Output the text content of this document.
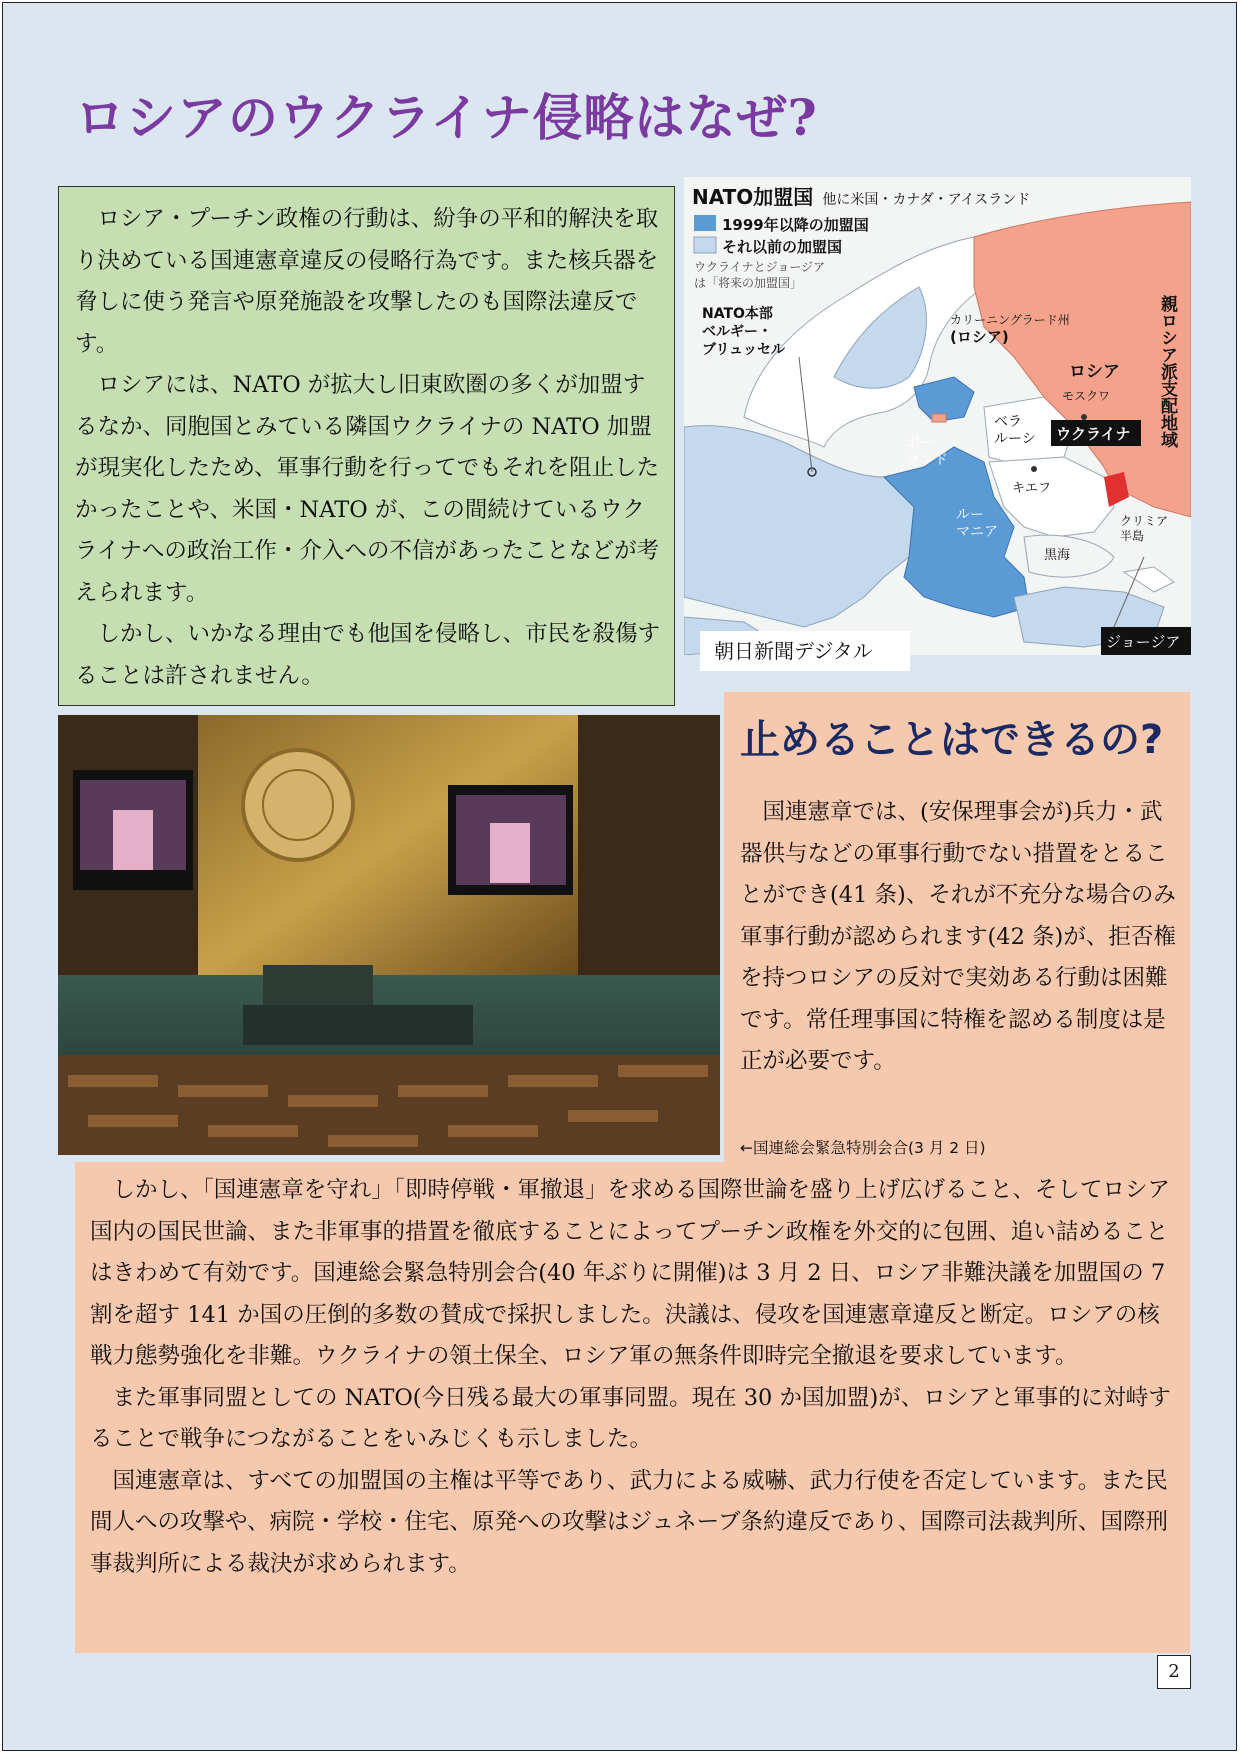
ロシアのウクライナ侵略はなぜ?

ロシア・プーチン政権の行動は、紛争の平和的解決を取り決めている国連憲章違反の侵略行為です。また核兵器を脅しに使う発言や原発施設を攻撃したのも国際法違反です。

ロシアには、NATO が拡大し旧東欧圏の多くが加盟するなか、同胞国とみている隣国ウクライナの NATO 加盟が現実化したため、軍事行動を行ってでもそれを阻止したかったことや、米国・NATO が、この間続けているウクライナへの政治工作・介入への不信があったことなどが考えられます。

しかし、いかなる理由でも他国を侵略し、市民を殺傷することは許されません。

NATO加盟国 他に米国・カナダ・アイスランド
1999年以降の加盟国
それ以前の加盟国
ウクライナとジョージア
は「将来の加盟国」
NATO本部
ベルギー・
ブリュッセル
カリーニングラード州
(ロシア)
ロシア
モスクワ
ベラ
ルーシ ウクライナ
キエフ
ポー
ランド
ルー
マニア
黒海
クリミア
半島
ジョージア
親ロシア派支配地域
朝日新聞デジタル
止めることはできるの?

国連憲章では、(安保理事会が)兵力・武器供与などの軍事行動でない措置をとることができ(41 条)、それが不充分な場合のみ軍事行動が認められます(42 条)が、拒否権を持つロシアの反対で実効ある行動は困難です。常任理事国に特権を認める制度は是正が必要です。

←国連総会緊急特別会合(3 月 2 日)

しかし、「国連憲章を守れ」「即時停戦・軍撤退」を求める国際世論を盛り上げ広げること、そしてロシア国内の国民世論、また非軍事的措置を徹底することによってプーチン政権を外交的に包囲、追い詰めることはきわめて有効です。国連総会緊急特別会合(40 年ぶりに開催)は 3 月 2 日、ロシア非難決議を加盟国の 7 割を超す 141 か国の圧倒的多数の賛成で採択しました。決議は、侵攻を国連憲章違反と断定。ロシアの核戦力態勢強化を非難。ウクライナの領土保全、ロシア軍の無条件即時完全撤退を要求しています。

また軍事同盟としての NATO(今日残る最大の軍事同盟。現在 30 か国加盟)が、ロシアと軍事的に対峙することで戦争につながることをいみじくも示しました。

国連憲章は、すべての加盟国の主権は平等であり、武力による威嚇、武力行使を否定しています。また民間人への攻撃や、病院・学校・住宅、原発への攻撃はジュネーブ条約違反であり、国際司法裁判所、国際刑事裁判所による裁決が求められます。

2
